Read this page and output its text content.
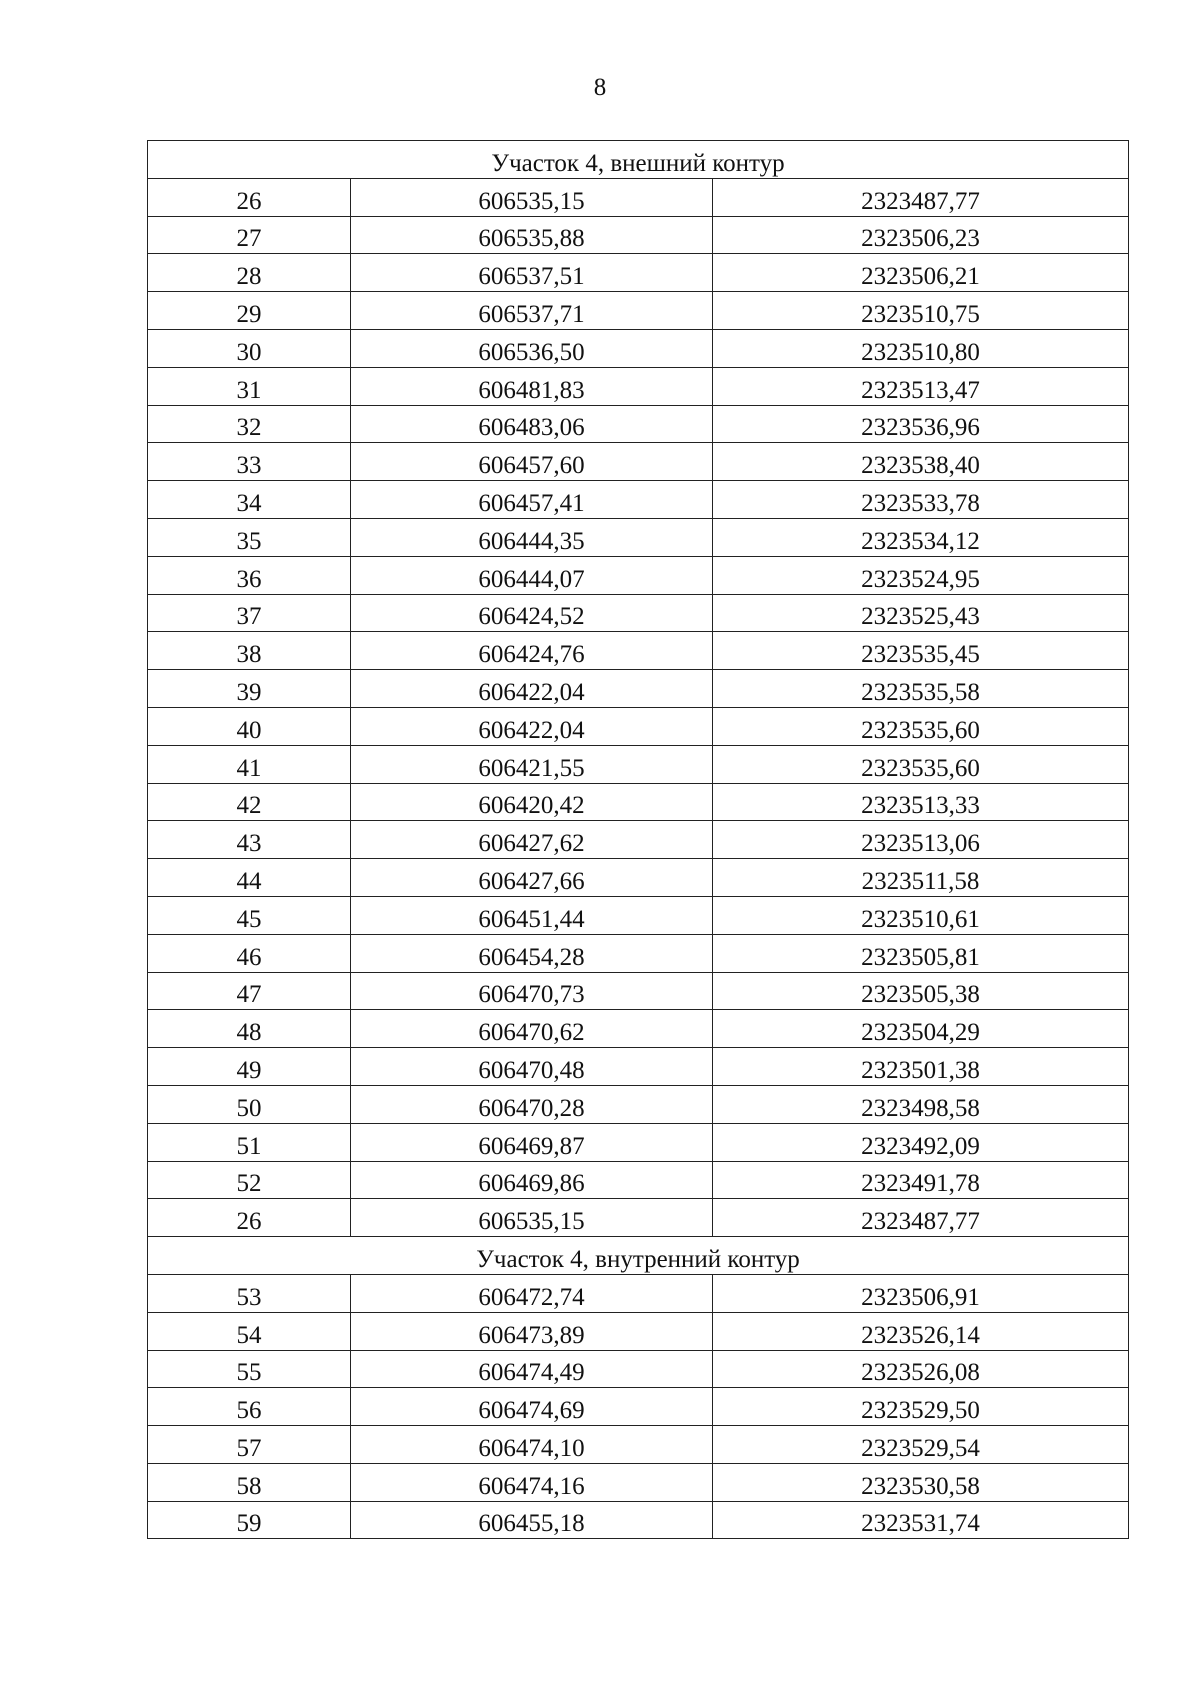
8
Участок 4, внешний контур		
26	606535,15	2323487,77
27	606535,88	2323506,23
28	606537,51	2323506,21
29	606537,71	2323510,75
30	606536,50	2323510,80
31	606481,83	2323513,47
32	606483,06	2323536,96
33	606457,60	2323538,40
34	606457,41	2323533,78
35	606444,35	2323534,12
36	606444,07	2323524,95
37	606424,52	2323525,43
38	606424,76	2323535,45
39	606422,04	2323535,58
40	606422,04	2323535,60
41	606421,55	2323535,60
42	606420,42	2323513,33
43	606427,62	2323513,06
44	606427,66	2323511,58
45	606451,44	2323510,61
46	606454,28	2323505,81
47	606470,73	2323505,38
48	606470,62	2323504,29
49	606470,48	2323501,38
50	606470,28	2323498,58
51	606469,87	2323492,09
52	606469,86	2323491,78
26	606535,15	2323487,77
Участок 4, внутренний контур		
53	606472,74	2323506,91
54	606473,89	2323526,14
55	606474,49	2323526,08
56	606474,69	2323529,50
57	606474,10	2323529,54
58	606474,16	2323530,58
59	606455,18	2323531,74
